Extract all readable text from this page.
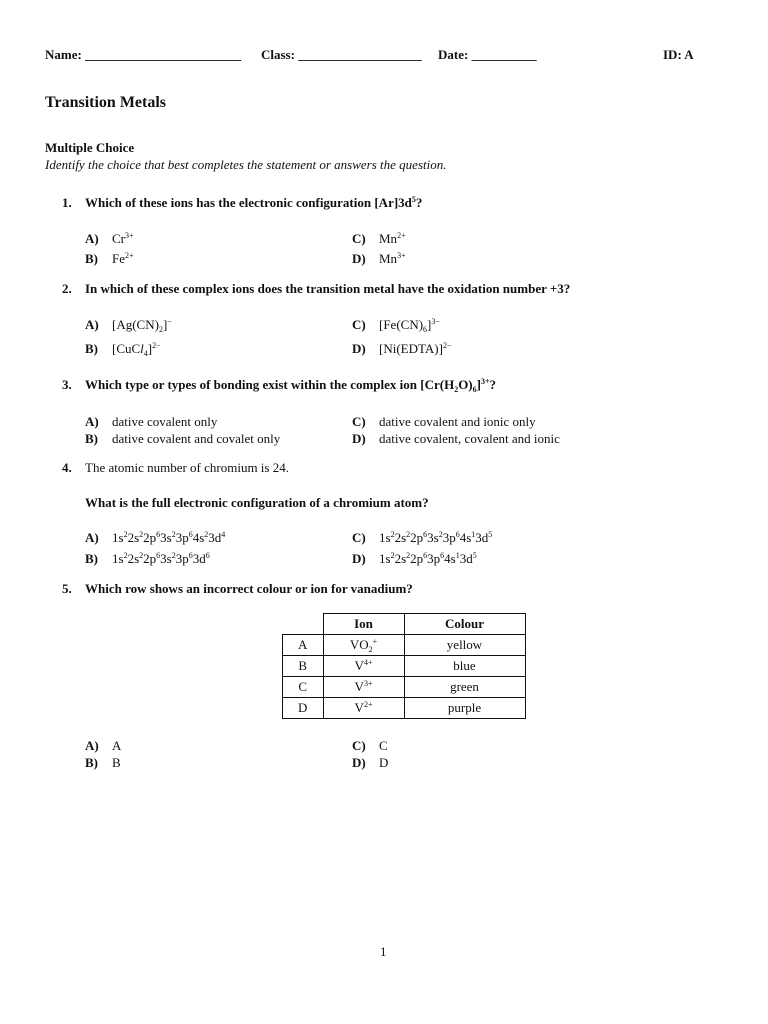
Name: ________________________ Class: ___________________ Date: __________	ID: A
Transition Metals
Multiple Choice
Identify the choice that best completes the statement or answers the question.
1. Which of these ions has the electronic configuration $[Ar]3d^5$?
A) $Cr^{3+}$
B) $Fe^{2+}$
C) $Mn^{2+}$
D) $Mn^{3+}$
2. In which of these complex ions does the transition metal have the oxidation number +3?
A) $[Ag(CN)_2]^-$
B) [CuCl$_4$]$^{2-}$
C) $[Fe(CN)_6]^{3-}$
D) [Ni(EDTA)]$^{2-}$
3. Which type or types of bonding exist within the complex ion $[Cr(H_2O)_6]^{3+}$?
A) dative covalent only
B) dative covalent and covalet only
C) dative covalent and ionic only
D) dative covalent, covalent and ionic
4. The atomic number of chromium is 24.
What is the full electronic configuration of a chromium atom?
A) $1s^22s^22p^63s^23p^64s^23d^4$
B) $1s^22s^22p^63s^23p^63d^6$
C) $1s^22s^22p^63s^23p^64s^13d^5$
D) $1s^22s^22p^63p^64s^13d^5$
5. Which row shows an incorrect colour or ion for vanadium?
	Ion	Colour
A	$VO_2^+$	yellow
B	$V^{4+}$	blue
C	$V^{3+}$	green
D	$V^{2+}$	purple
A) A
B) B
C) C
D) D
1
